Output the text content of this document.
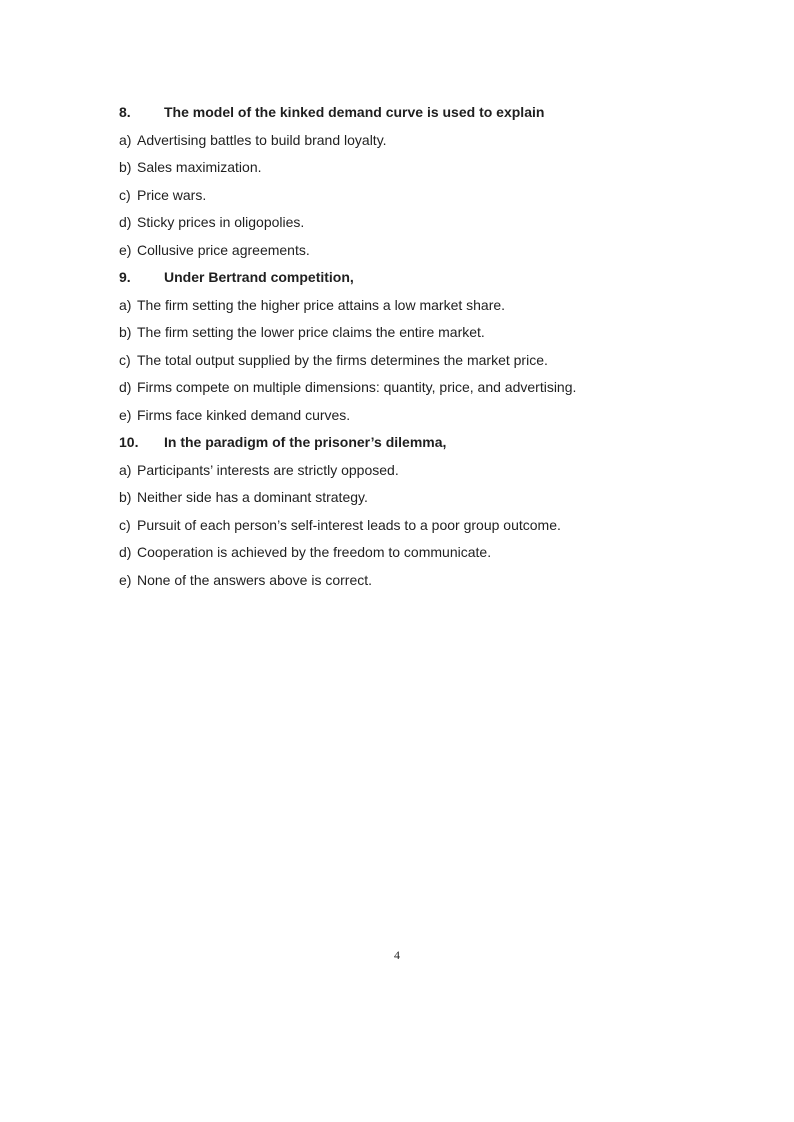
8. The model of the kinked demand curve is used to explain
a) Advertising battles to build brand loyalty.
b) Sales maximization.
c) Price wars.
d) Sticky prices in oligopolies.
e) Collusive price agreements.
9. Under Bertrand competition,
a) The firm setting the higher price attains a low market share.
b) The firm setting the lower price claims the entire market.
c) The total output supplied by the firms determines the market price.
d) Firms compete on multiple dimensions: quantity, price, and advertising.
e) Firms face kinked demand curves.
10. In the paradigm of the prisoner’s dilemma,
a) Participants’ interests are strictly opposed.
b) Neither side has a dominant strategy.
c) Pursuit of each person’s self-interest leads to a poor group outcome.
d) Cooperation is achieved by the freedom to communicate.
e) None of the answers above is correct.
4
